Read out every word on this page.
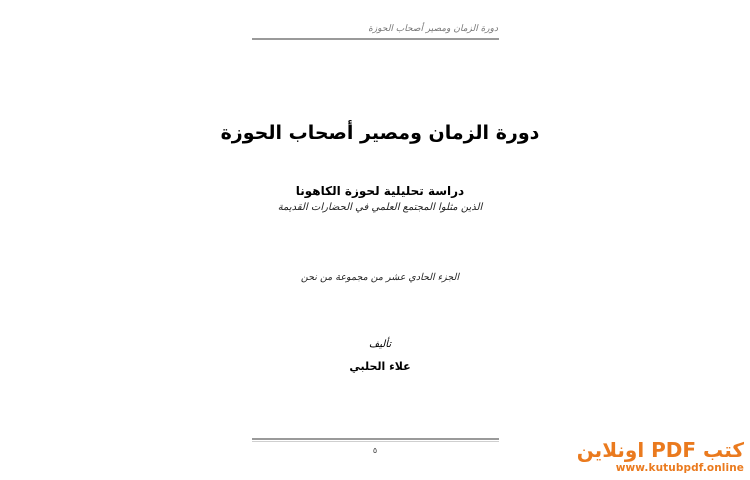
دورة الزمان ومصير أصحاب الحوزة
دورة الزمان ومصير أصحاب الحوزة
دراسة تحليلية لحوزة الكاهونا
الذين مثلوا المجتمع العلمي في الحضارات القديمة
الجزء الحادي عشر من مجموعة من نحن
تأليف
علاء الحلبي
٥	كتب PDF اونلاين
www.kutubpdf.online
